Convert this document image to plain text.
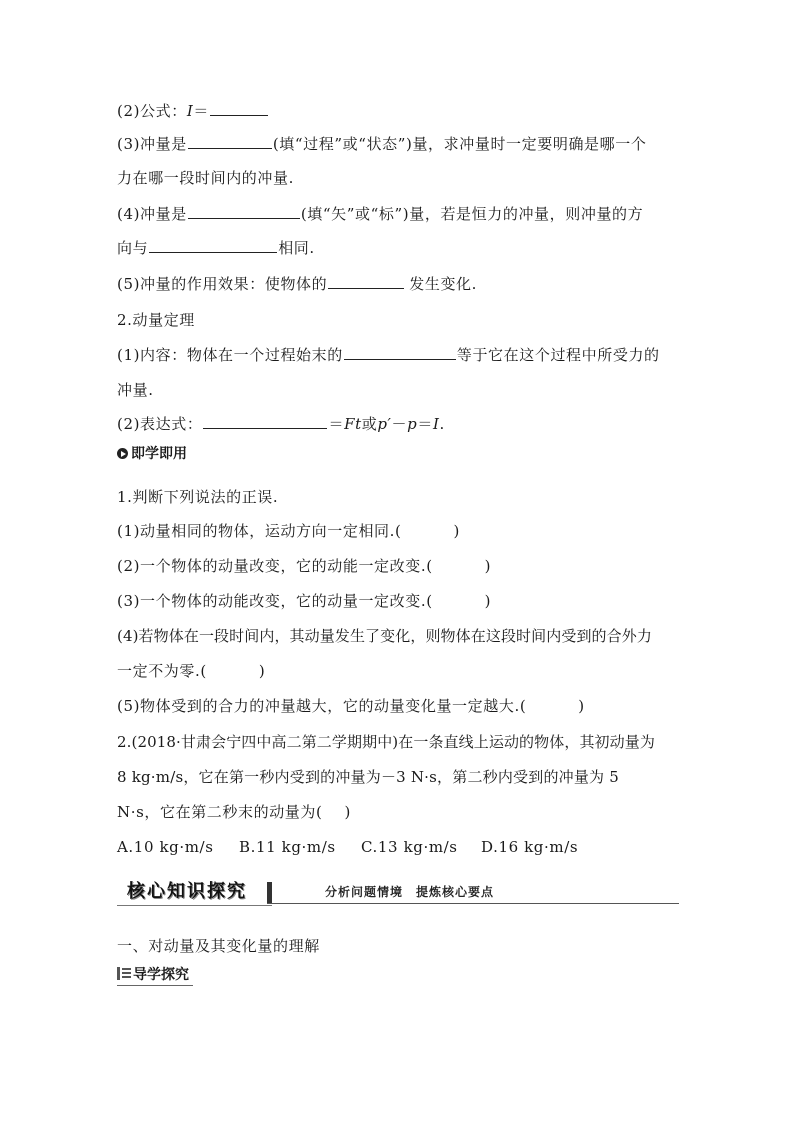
(2)公式：I＝
(3)冲量是	(填“过程”或“状态”)量，求冲量时一定要明确是哪一个
力在哪一段时间内的冲量.
(4)冲量是	(填“矢”或“标”)量，若是恒力的冲量，则冲量的方
向与	相同.
(5)冲量的作用效果：使物体的	发生变化.
2.动量定理
(1)内容：物体在一个过程始末的	等于它在这个过程中所受力的
冲量.
(2)表达式：	＝Ft或p′－p＝I.
即学即用
1.判断下列说法的正误.
(1)动量相同的物体，运动方向一定相同.(	)
(2)一个物体的动量改变，它的动能一定改变.(	)
(3)一个物体的动能改变，它的动量一定改变.(	)
(4)若物体在一段时间内，其动量发生了变化，则物体在这段时间内受到的合外力
一定不为零.(	)
(5)物体受到的合力的冲量越大，它的动量变化量一定越大.(	)
2.(2018·甘肃会宁四中高二第二学期期中)在一条直线上运动的物体，其初动量为
8 kg·m/s，它在第一秒内受到的冲量为－3 N·s，第二秒内受到的冲量为 5
N·s，它在第二秒末的动量为( )
A.10 kg·m/s B.11 kg·m/s C.13 kg·m/s D.16 kg·m/s
核心知识探究	分析问题情境　提炼核心要点
一、对动量及其变化量的理解
导学探究
